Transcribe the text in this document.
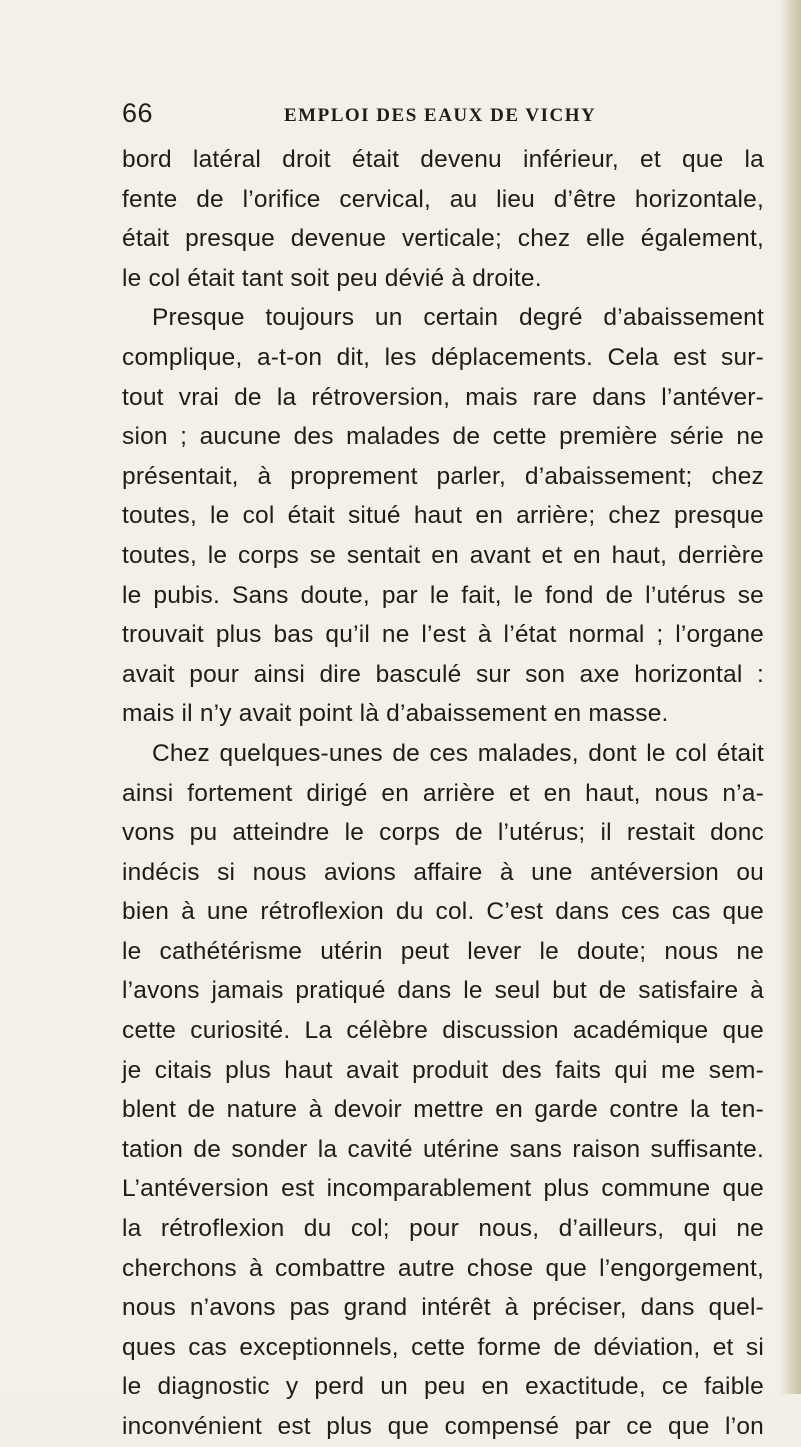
66	EMPLOI DES EAUX DE VICHY
bord latéral droit était devenu inférieur, et que la
fente de l’orifice cervical, au lieu d’être horizontale,
était presque devenue verticale; chez elle également,
le col était tant soit peu dévié à droite.
Presque toujours un certain degré d’abaissement
complique, a-t-on dit, les déplacements. Cela est sur-
tout vrai de la rétroversion, mais rare dans l’antéver-
sion ; aucune des malades de cette première série ne
présentait, à proprement parler, d’abaissement; chez
toutes, le col était situé haut en arrière; chez presque
toutes, le corps se sentait en avant et en haut, derrière
le pubis. Sans doute, par le fait, le fond de l’utérus se
trouvait plus bas qu’il ne l’est à l’état normal ; l’organe
avait pour ainsi dire basculé sur son axe horizontal :
mais il n’y avait point là d’abaissement en masse.
Chez quelques-unes de ces malades, dont le col était
ainsi fortement dirigé en arrière et en haut, nous n’a-
vons pu atteindre le corps de l’utérus; il restait donc
indécis si nous avions affaire à une antéversion ou
bien à une rétroflexion du col. C’est dans ces cas que
le cathétérisme utérin peut lever le doute; nous ne
l’avons jamais pratiqué dans le seul but de satisfaire à
cette curiosité. La célèbre discussion académique que
je citais plus haut avait produit des faits qui me sem-
blent de nature à devoir mettre en garde contre la ten-
tation de sonder la cavité utérine sans raison suffisante.
L’antéversion est incomparablement plus commune que
la rétroflexion du col; pour nous, d’ailleurs, qui ne
cherchons à combattre autre chose que l’engorgement,
nous n’avons pas grand intérêt à préciser, dans quel-
ques cas exceptionnels, cette forme de déviation, et si
le diagnostic y perd un peu en exactitude, ce faible
inconvénient est plus que compensé par ce que l’on
